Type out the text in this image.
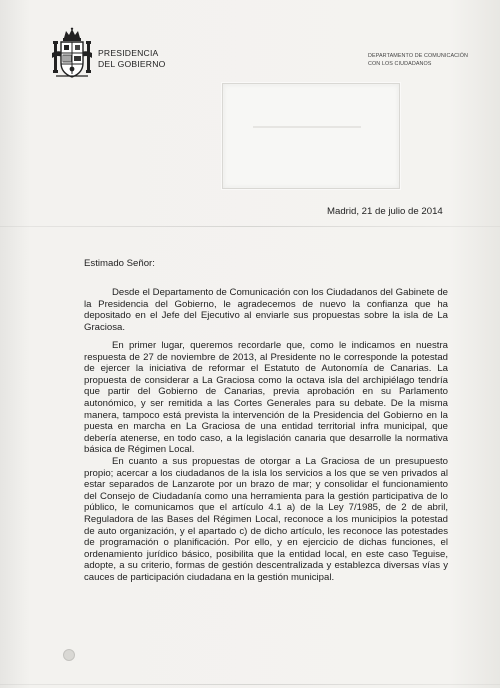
PRESIDENCIA
DEL GOBIERNO
DEPARTAMENTO DE COMUNICACIÓN
CON LOS CIUDADANOS
Madrid, 21 de julio de 2014
Estimado Señor:

Desde el Departamento de Comunicación con los Ciudadanos del Gabinete de la Presidencia del Gobierno, le agradecemos de nuevo la confianza que ha depositado en el Jefe del Ejecutivo al enviarle sus propuestas sobre la isla de La Graciosa.

En primer lugar, queremos recordarle que, como le indicamos en nuestra respuesta de 27 de noviembre de 2013, al Presidente no le corresponde la potestad de ejercer la iniciativa de reformar el Estatuto de Autonomía de Canarias. La propuesta de considerar a La Graciosa como la octava isla del archipiélago tendría que partir del Gobierno de Canarias, previa aprobación en su Parlamento autonómico, y ser remitida a las Cortes Generales para su debate. De la misma manera, tampoco está prevista la intervención de la Presidencia del Gobierno en la puesta en marcha en La Graciosa de una entidad territorial infra municipal, que debería atenerse, en todo caso, a la legislación canaria que desarrolle la normativa básica de Régimen Local.

En cuanto a sus propuestas de otorgar a La Graciosa de un presupuesto propio; acercar a los ciudadanos de la isla los servicios a los que se ven privados al estar separados de Lanzarote por un brazo de mar; y consolidar el funcionamiento del Consejo de Ciudadanía como una herramienta para la gestión participativa de lo público, le comunicamos que el artículo 4.1 a) de la Ley 7/1985, de 2 de abril, Reguladora de las Bases del Régimen Local, reconoce a los municipios la potestad de auto organización, y el apartado c) de dicho artículo, les reconoce las potestades de programación o planificación. Por ello, y en ejercicio de dichas funciones, el ordenamiento jurídico básico, posibilita que la entidad local, en este caso Teguise, adopte, a su criterio, formas de gestión descentralizada y establezca diversas vías y cauces de participación ciudadana en la gestión municipal.
